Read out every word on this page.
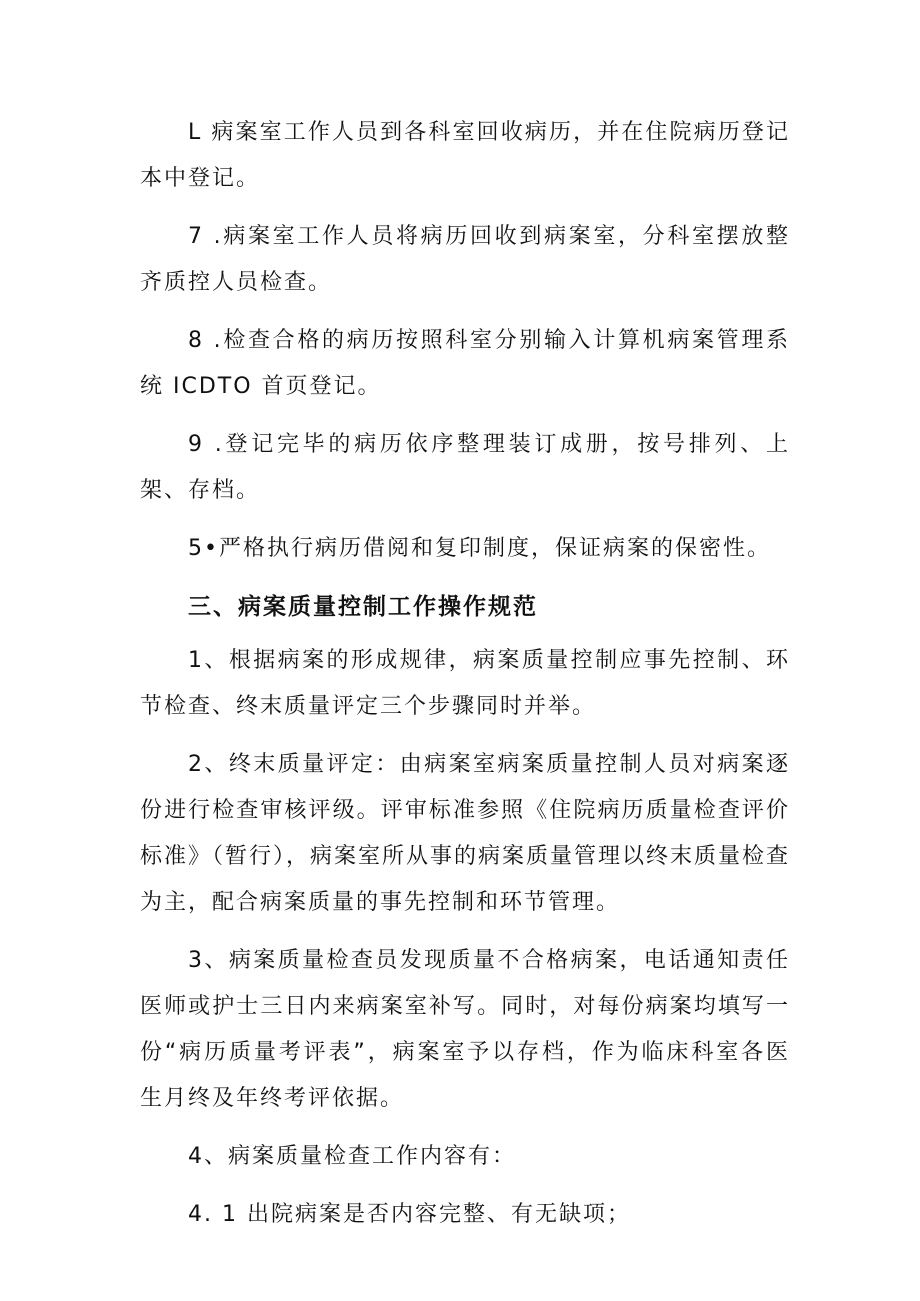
L 病案室工作人员到各科室回收病历，并在住院病历登记本中登记。

7 .病案室工作人员将病历回收到病案室，分科室摆放整齐质控人员检查。

8 .检查合格的病历按照科室分别输入计算机病案管理系统 ICDTO 首页登记。

9 .登记完毕的病历依序整理装订成册，按号排列、上架、存档。

5•严格执行病历借阅和复印制度，保证病案的保密性。

三、病案质量控制工作操作规范

1、根据病案的形成规律，病案质量控制应事先控制、环节检查、终末质量评定三个步骤同时并举。

2、终末质量评定：由病案室病案质量控制人员对病案逐份进行检查审核评级。评审标准参照《住院病历质量检查评价标准》（暂行），病案室所从事的病案质量管理以终末质量检查为主，配合病案质量的事先控制和环节管理。

3、病案质量检查员发现质量不合格病案，电话通知责任医师或护士三日内来病案室补写。同时，对每份病案均填写一份“病历质量考评表”，病案室予以存档，作为临床科室各医生月终及年终考评依据。

4、病案质量检查工作内容有：

4. 1 出院病案是否内容完整、有无缺项；
